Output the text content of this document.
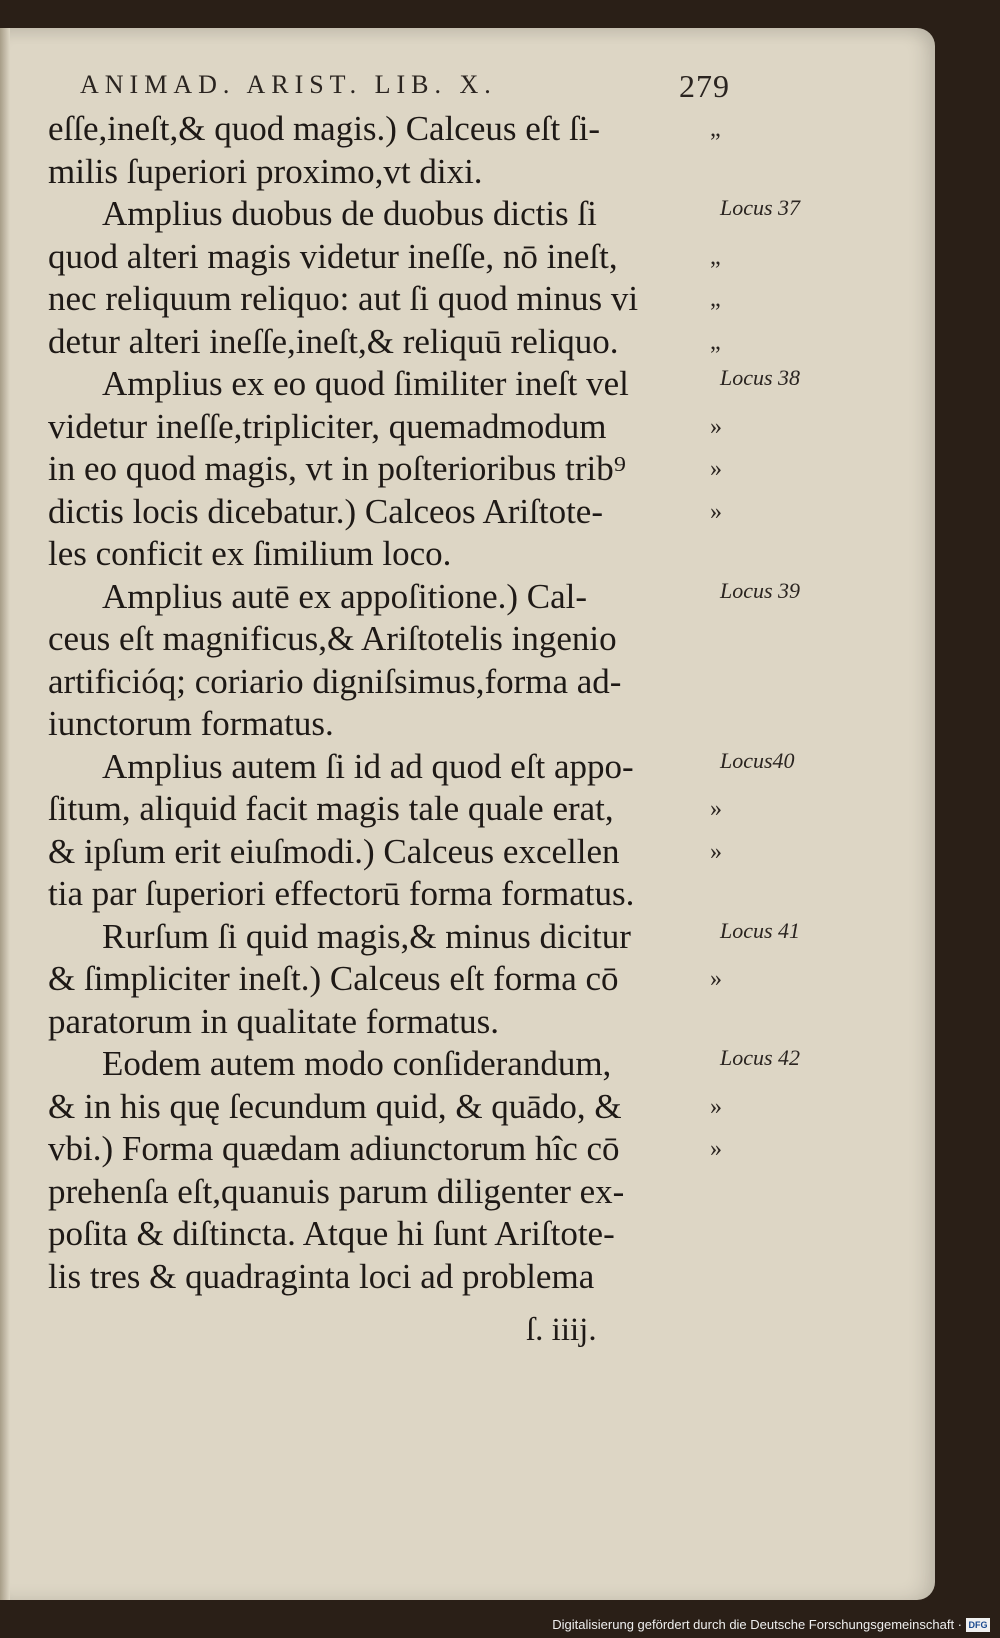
ANIMAD. ARIST. LIB. X.	279
eſſe,ineſt,& quod magis.) Calceus eſt ſi-	„
milis ſuperiori proximo,vt dixi.
Amplius duobus de duobus dictis ſi	Locus 37
quod alteri magis videtur ineſſe, nō ineſt,	„
nec reliquum reliquo: aut ſi quod minus vi	„
detur alteri ineſſe,ineſt,& reliquū reliquo.	„
Amplius ex eo quod ſimiliter ineſt vel	Locus 38
videtur ineſſe,tripliciter, quemadmodum	»
in eo quod magis, vt in poſterioribus trib⁹	»
dictis locis dicebatur.) Calceos Ariſtote-	»
les conficit ex ſimilium loco.
Amplius autē ex appoſitione.) Cal-	Locus 39
ceus eſt magnificus,& Ariſtotelis ingenio
artificióq; coriario digniſsimus,forma ad-
iunctorum formatus.
Amplius autem ſi id ad quod eſt appo-	Locus40
ſitum, aliquid facit magis tale quale erat,	»
& ipſum erit eiuſmodi.) Calceus excellen	»
tia par ſuperiori effectorū forma formatus.
Rurſum ſi quid magis,& minus dicitur	Locus 41
& ſimpliciter ineſt.) Calceus eſt forma cō	»
paratorum in qualitate formatus.
Eodem autem modo conſiderandum,	Locus 42
& in his quę ſecundum quid, & quādo, &	»
vbi.) Forma quædam adiunctorum hîc cō	»
prehenſa eſt,quanuis parum diligenter ex-
poſita & diſtincta. Atque hi ſunt Ariſtote-
lis tres & quadraginta loci ad problema
ſ. iiij.
Digitalisierung gefördert durch die Deutsche Forschungsgemeinschaft · DFG
